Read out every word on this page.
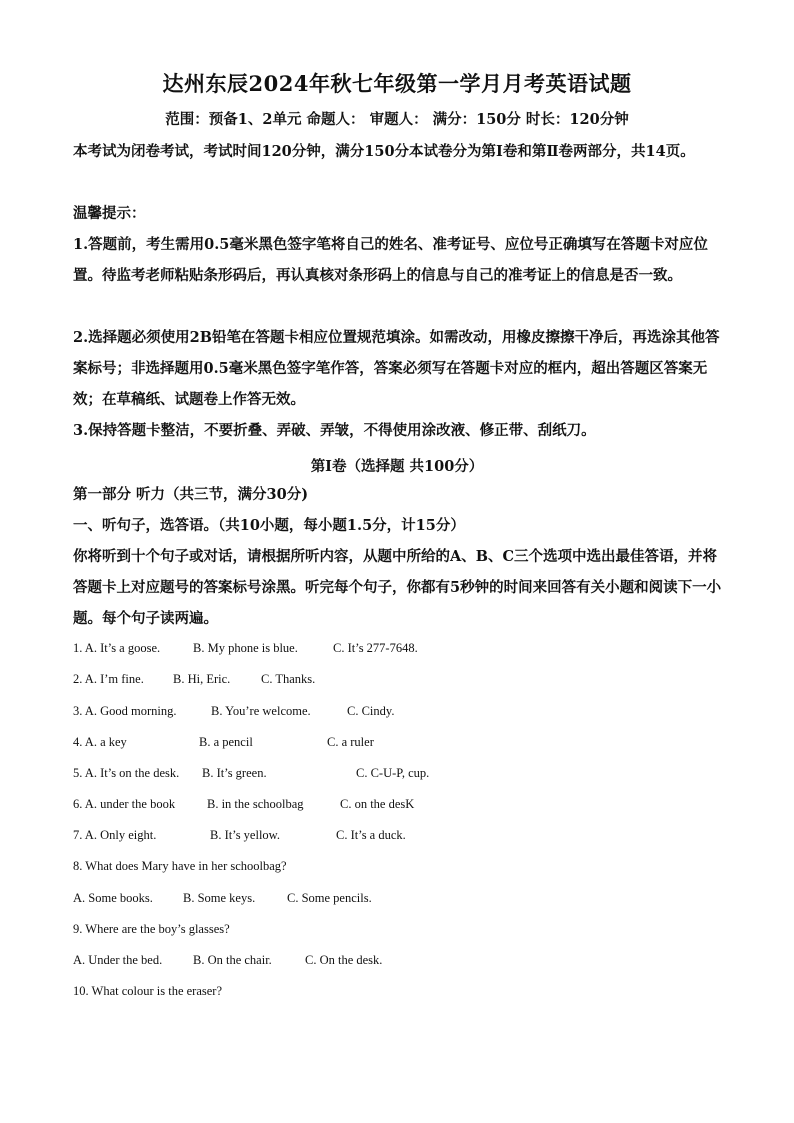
达州东辰2024年秋七年级第一学月月考英语试题
范围：预备1、2单元 命题人： 审题人： 满分：150分 时长：120分钟
本考试为闭卷考试，考试时间120分钟，满分150分本试卷分为第Ⅰ卷和第Ⅱ卷两部分，共14页。
温馨提示：
1.答题前，考生需用0.5毫米黑色签字笔将自己的姓名、准考证号、应位号正确填写在答题卡对应位置。待监考老师粘贴条形码后，再认真核对条形码上的信息与自己的准考证上的信息是否一致。
2.选择题必须使用2B铅笔在答题卡相应位置规范填涂。如需改动，用橡皮擦擦干净后，再选涂其他答案标号；非选择题用0.5毫米黑色签字笔作答，答案必须写在答题卡对应的框内，超出答题区答案无效；在草稿纸、试题卷上作答无效。
3.保持答题卡整洁，不要折叠、弄破、弄皱，不得使用涂改液、修正带、刮纸刀。
第Ⅰ卷（选择题 共100分）
第一部分 听力（共三节，满分30分)
一、听句子，选答语。（共10小题，每小题1.5分，计15分）
你将听到十个句子或对话，请根据所听内容，从题中所给的A、B、C三个选项中选出最佳答语，并将答题卡上对应题号的答案标号涂黑。听完每个句子，你都有5秒钟的时间来回答有关小题和阅读下一小题。每个句子读两遍。
1. A. It’s a goose.	B. My phone is blue.	C. It’s 277-7648.
2. A. I’m fine. B. Hi, Eric. C. Thanks.
3. A. Good morning.	B. You’re welcome.	C. Cindy.
4. A. a key	B. a pencil	C. a ruler
5. A. It’s on the desk. B. It’s green.	C. C-U-P, cup.
6. A. under the book	B. in the schoolbag	C. on the desK
7. A. Only eight.	B. It’s yellow.	C. It’s a duck.
8. What does Mary have in her schoolbag?
A. Some books. B. Some keys.	C. Some pencils.
9. Where are the boy’s glasses?
A. Under the bed. B. On the chair.	C. On the desk.
10. What colour is the eraser?
